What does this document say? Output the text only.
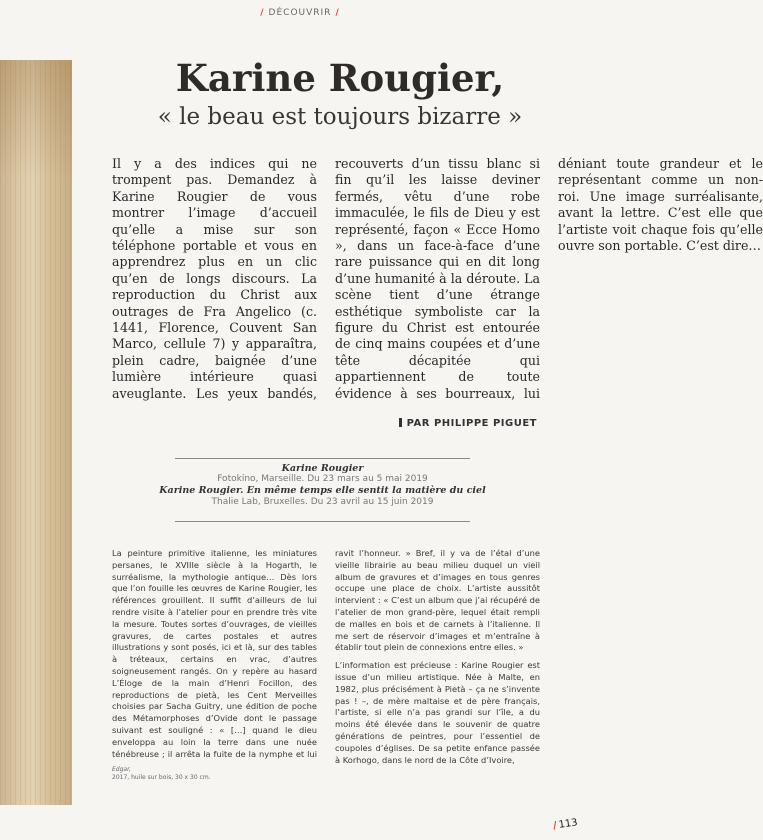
/ DÉCOUVRIR /
Karine Rougier,
« le beau est toujours bizarre »

Il y a des indices qui ne trompent pas. Demandez à Karine Rougier de vous montrer l’image d’accueil qu’elle a mise sur son téléphone portable et vous en apprendrez plus en un clic qu’en de longs discours. La reproduction du Christ aux outrages de Fra Angelico (c. 1441, Florence, Couvent San Marco, cellule 7) y apparaîtra, plein cadre, baignée d’une lumière intérieure quasi aveuglante. Les yeux bandés, recouverts d’un tissu blanc si fin qu’il les laisse deviner fermés, vêtu d’une robe immaculée, le fils de Dieu y est représenté, façon « Ecce Homo », dans un face-à-face d’une rare puissance qui en dit long d’une humanité à la déroute. La scène tient d’une étrange esthétique symboliste car la figure du Christ est entourée de cinq mains coupées et d’une tête décapitée qui appartiennent de toute évidence à ses bourreaux, lui déniant toute grandeur et le représentant comme un non-roi. Une image surréalisante, avant la lettre. C’est elle que l’artiste voit chaque fois qu’elle ouvre son portable. C’est dire…

PAR PHILIPPE PIGUET
Karine Rougier
Fotokino, Marseille. Du 23 mars au 5 mai 2019
Karine Rougier. En même temps elle sentit la matière du ciel
Thalie Lab, Bruxelles. Du 23 avril au 15 juin 2019

La peinture primitive italienne, les miniatures persanes, le XVIIIe siècle à la Hogarth, le surréalisme, la mythologie antique… Dès lors que l’on fouille les œuvres de Karine Rougier, les références grouillent. Il suffit d’ailleurs de lui rendre visite à l’atelier pour en prendre très vite la mesure. Toutes sortes d’ouvrages, de vieilles gravures, de cartes postales et autres illustrations y sont posés, ici et là, sur des tables à tréteaux, certains en vrac, d’autres soigneusement rangés. On y repère au hasard L’Éloge de la main d’Henri Focillon, des reproductions de pietà, les Cent Merveilles choisies par Sacha Guitry, une édition de poche des Métamorphoses d’Ovide dont le passage suivant est souligné : « […] quand le dieu enveloppa au loin la terre dans une nuée ténébreuse ; il arrêta la fuite de la nymphe et lui ravit l’honneur. » Bref, il y va de l’étal d’une vieille librairie au beau milieu duquel un vieil album de gravures et d’images en tous genres occupe une place de choix. L’artiste aussitôt intervient : « C’est un album que j’ai récupéré de l’atelier de mon grand-père, lequel était rempli de malles en bois et de carnets à l’italienne. Il me sert de réservoir d’images et m’entraîne à établir tout plein de connexions entre elles. »

L’information est précieuse : Karine Rougier est issue d’un milieu artistique. Née à Malte, en 1982, plus précisément à Pietà – ça ne s’invente pas ! –, de mère maltaise et de père français, l’artiste, si elle n’a pas grandi sur l’île, a du moins été élevée dans le souvenir de quatre générations de peintres, pour l’essentiel de coupoles d’églises. De sa petite enfance passée à Korhogo, dans le nord de la Côte d’Ivoire,

Edgar,
2017, huile sur bois, 30 x 30 cm.
/113
